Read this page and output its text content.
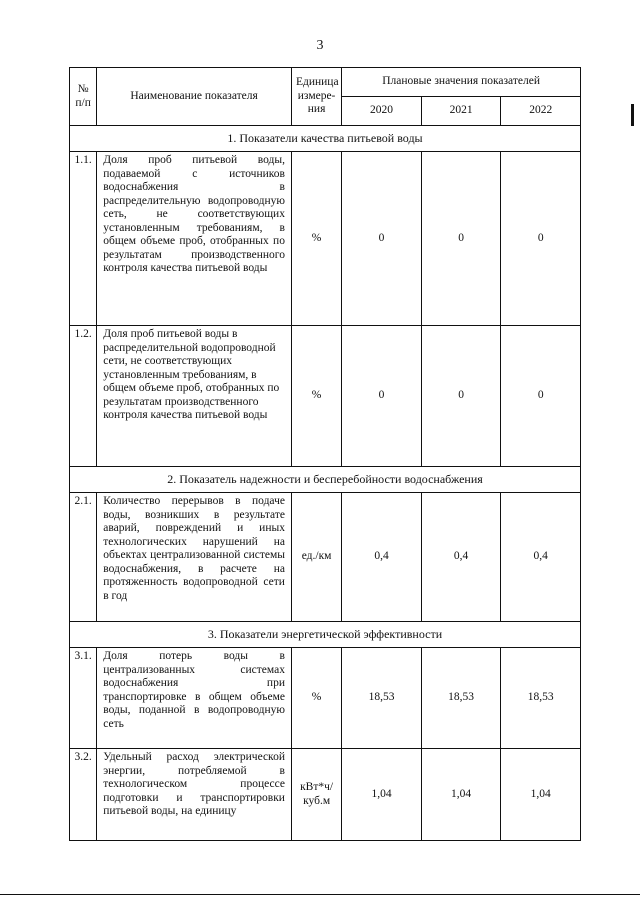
3
№ п/п	Наименование показателя	Единица измере-ния	Плановые значения показателей		
			2020	2021	2022
1. Показатели качества питьевой воды					
1.1.	Доля проб питьевой воды, подаваемой с источников водоснабжения в распределительную водопроводную сеть, не соответствующих установленным требованиям, в общем объеме проб, отобранных по результатам производственного контроля качества питьевой воды	%	0	0	0
1.2.	Доля проб питьевой воды в распределительной водопроводной сети, не соответствующих установленным требованиям, в общем объеме проб, отобранных по результатам производственного контроля качества питьевой воды	%	0	0	0
2. Показатель надежности и бесперебойности водоснабжения					
2.1.	Количество перерывов в подаче воды, возникших в результате аварий, повреждений и иных технологических нарушений на объектах централизованной системы водоснабжения, в расчете на протяженность водопроводной сети в год	ед./км	0,4	0,4	0,4
3. Показатели энергетической эффективности					
3.1.	Доля потерь воды в централизованных системах водоснабжения при транспортировке в общем объеме воды, поданной в водопроводную сеть	%	18,53	18,53	18,53
3.2.	Удельный расход электрической энергии, потребляемой в технологическом процессе подготовки и транспортировки питьевой воды, на единицу	кВт*ч/ куб.м	1,04	1,04	1,04
